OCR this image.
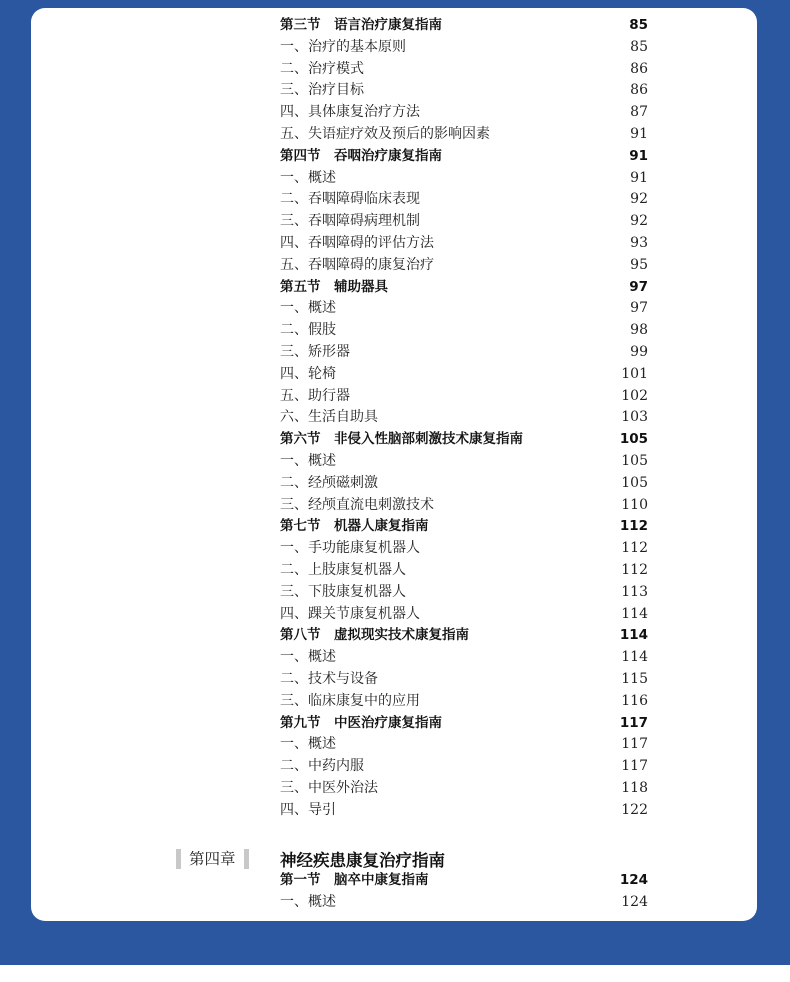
第三节　语言治疗康复指南	85
一、治疗的基本原则	85
二、治疗模式	86
三、治疗目标	86
四、具体康复治疗方法	87
五、失语症疗效及预后的影响因素	91
第四节　吞咽治疗康复指南	91
一、概述	91
二、吞咽障碍临床表现	92
三、吞咽障碍病理机制	92
四、吞咽障碍的评估方法	93
五、吞咽障碍的康复治疗	95
第五节　辅助器具	97
一、概述	97
二、假肢	98
三、矫形器	99
四、轮椅	101
五、助行器	102
六、生活自助具	103
第六节　非侵入性脑部刺激技术康复指南	105
一、概述	105
二、经颅磁刺激	105
三、经颅直流电刺激技术	110
第七节　机器人康复指南	112
一、手功能康复机器人	112
二、上肢康复机器人	112
三、下肢康复机器人	113
四、踝关节康复机器人	114
第八节　虚拟现实技术康复指南	114
一、概述	114
二、技术与设备	115
三、临床康复中的应用	116
第九节　中医治疗康复指南	117
一、概述	117
二、中药内服	117
三、中医外治法	118
四、导引	122
第四章	神经疾患康复治疗指南
第一节　脑卒中康复指南	124
一、概述	124
